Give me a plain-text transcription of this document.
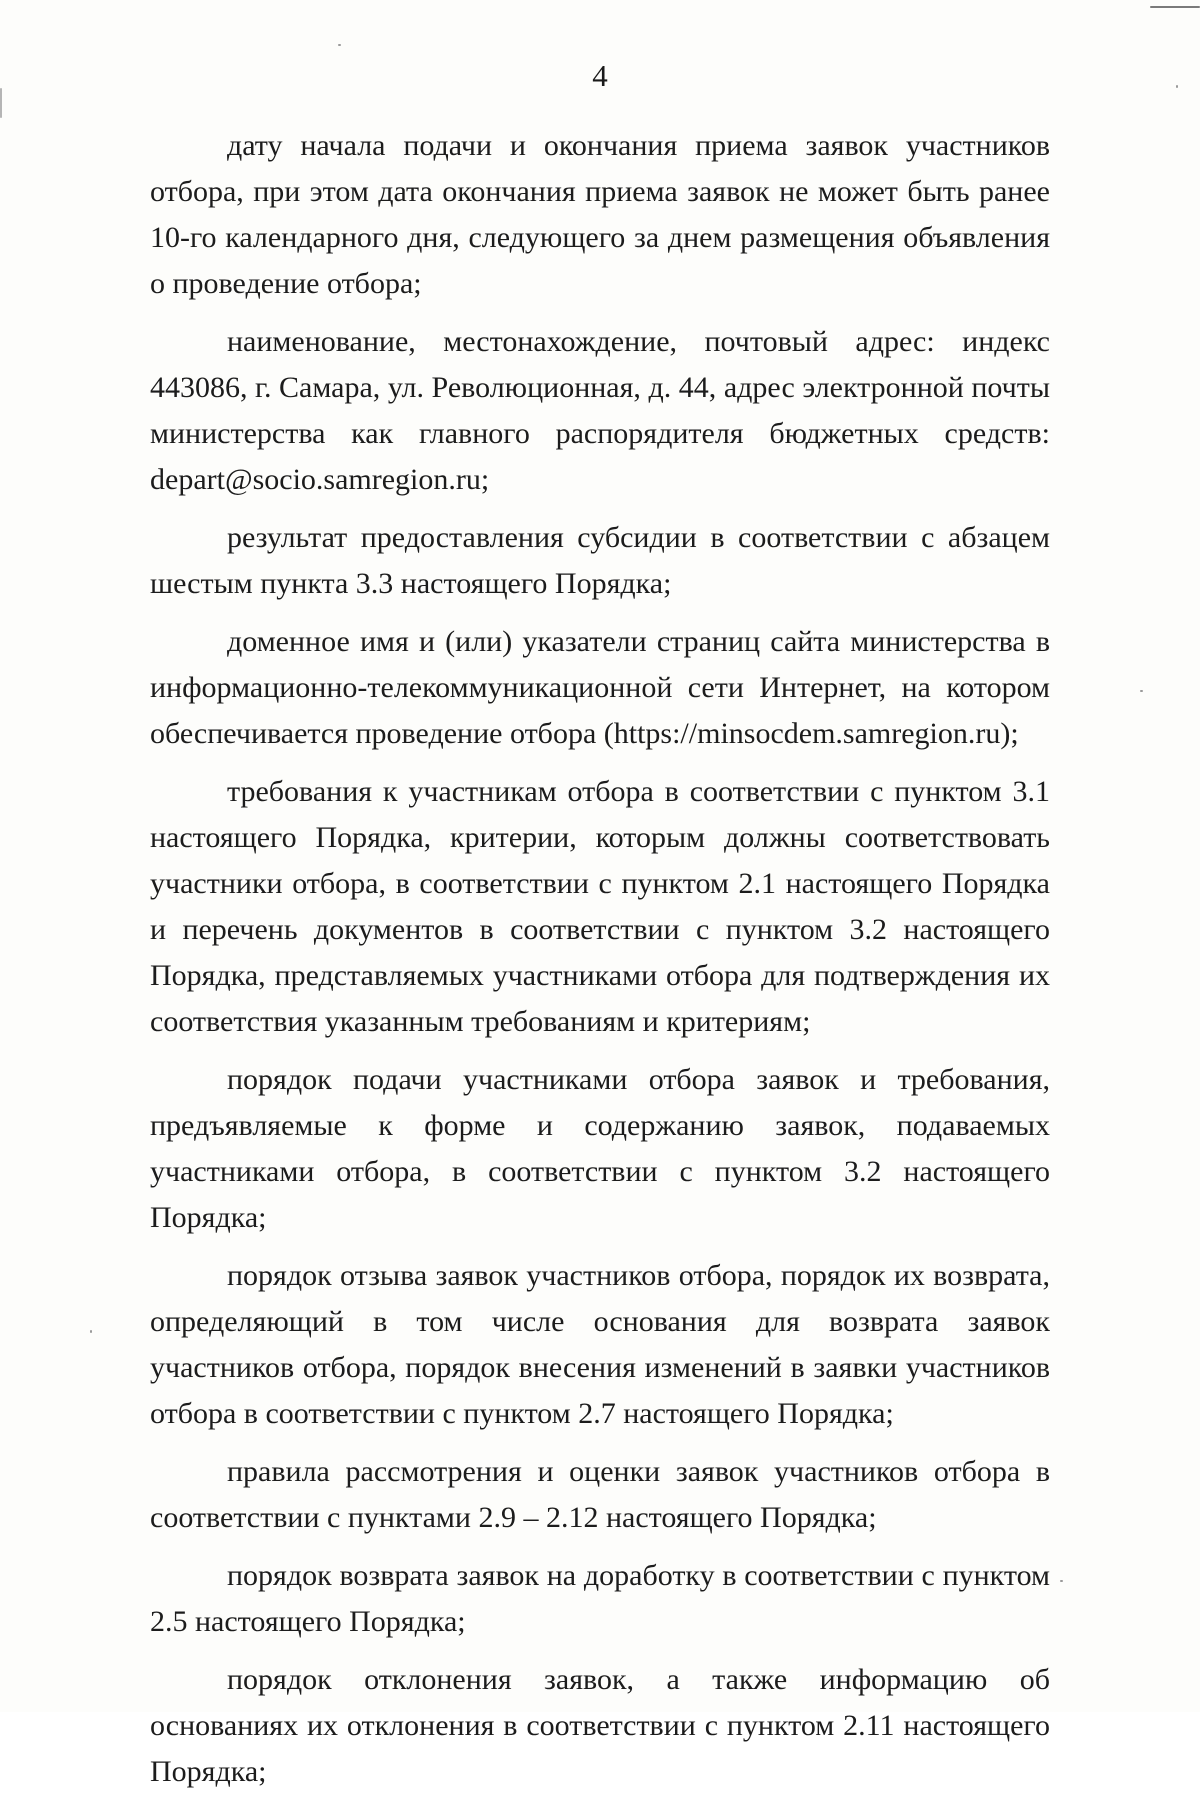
4

дату начала подачи и окончания приема заявок участников отбора, при этом дата окончания приема заявок не может быть ранее 10-го календарного дня, следующего за днем размещения объявления о проведение отбора;

наименование, местонахождение, почтовый адрес: индекс 443086, г. Самара, ул. Революционная, д. 44, адрес электронной почты министерства как главного распорядителя бюджетных средств: depart@socio.samregion.ru;

результат предоставления субсидии в соответствии с абзацем шестым пункта 3.3 настоящего Порядка;

доменное имя и (или) указатели страниц сайта министерства в информационно-телекоммуникационной сети Интернет, на котором обеспечивается проведение отбора (https://minsocdem.samregion.ru);

требования к участникам отбора в соответствии с пунктом 3.1 настоящего Порядка, критерии, которым должны соответствовать участники отбора, в соответствии с пунктом 2.1 настоящего Порядка и перечень документов в соответствии с пунктом 3.2 настоящего Порядка, представляемых участниками отбора для подтверждения их соответствия указанным требованиям и критериям;

порядок подачи участниками отбора заявок и требования, предъявляемые к форме и содержанию заявок, подаваемых участниками отбора, в соответствии с пунктом 3.2 настоящего Порядка;

порядок отзыва заявок участников отбора, порядок их возврата, определяющий в том числе основания для возврата заявок участников отбора, порядок внесения изменений в заявки участников отбора в соответствии с пунктом 2.7 настоящего Порядка;

правила рассмотрения и оценки заявок участников отбора в соответствии с пунктами 2.9 – 2.12 настоящего Порядка;

порядок возврата заявок на доработку в соответствии с пунктом 2.5 настоящего Порядка;

порядок отклонения заявок, а также информацию об основаниях их отклонения в соответствии с пунктом 2.11 настоящего Порядка;
